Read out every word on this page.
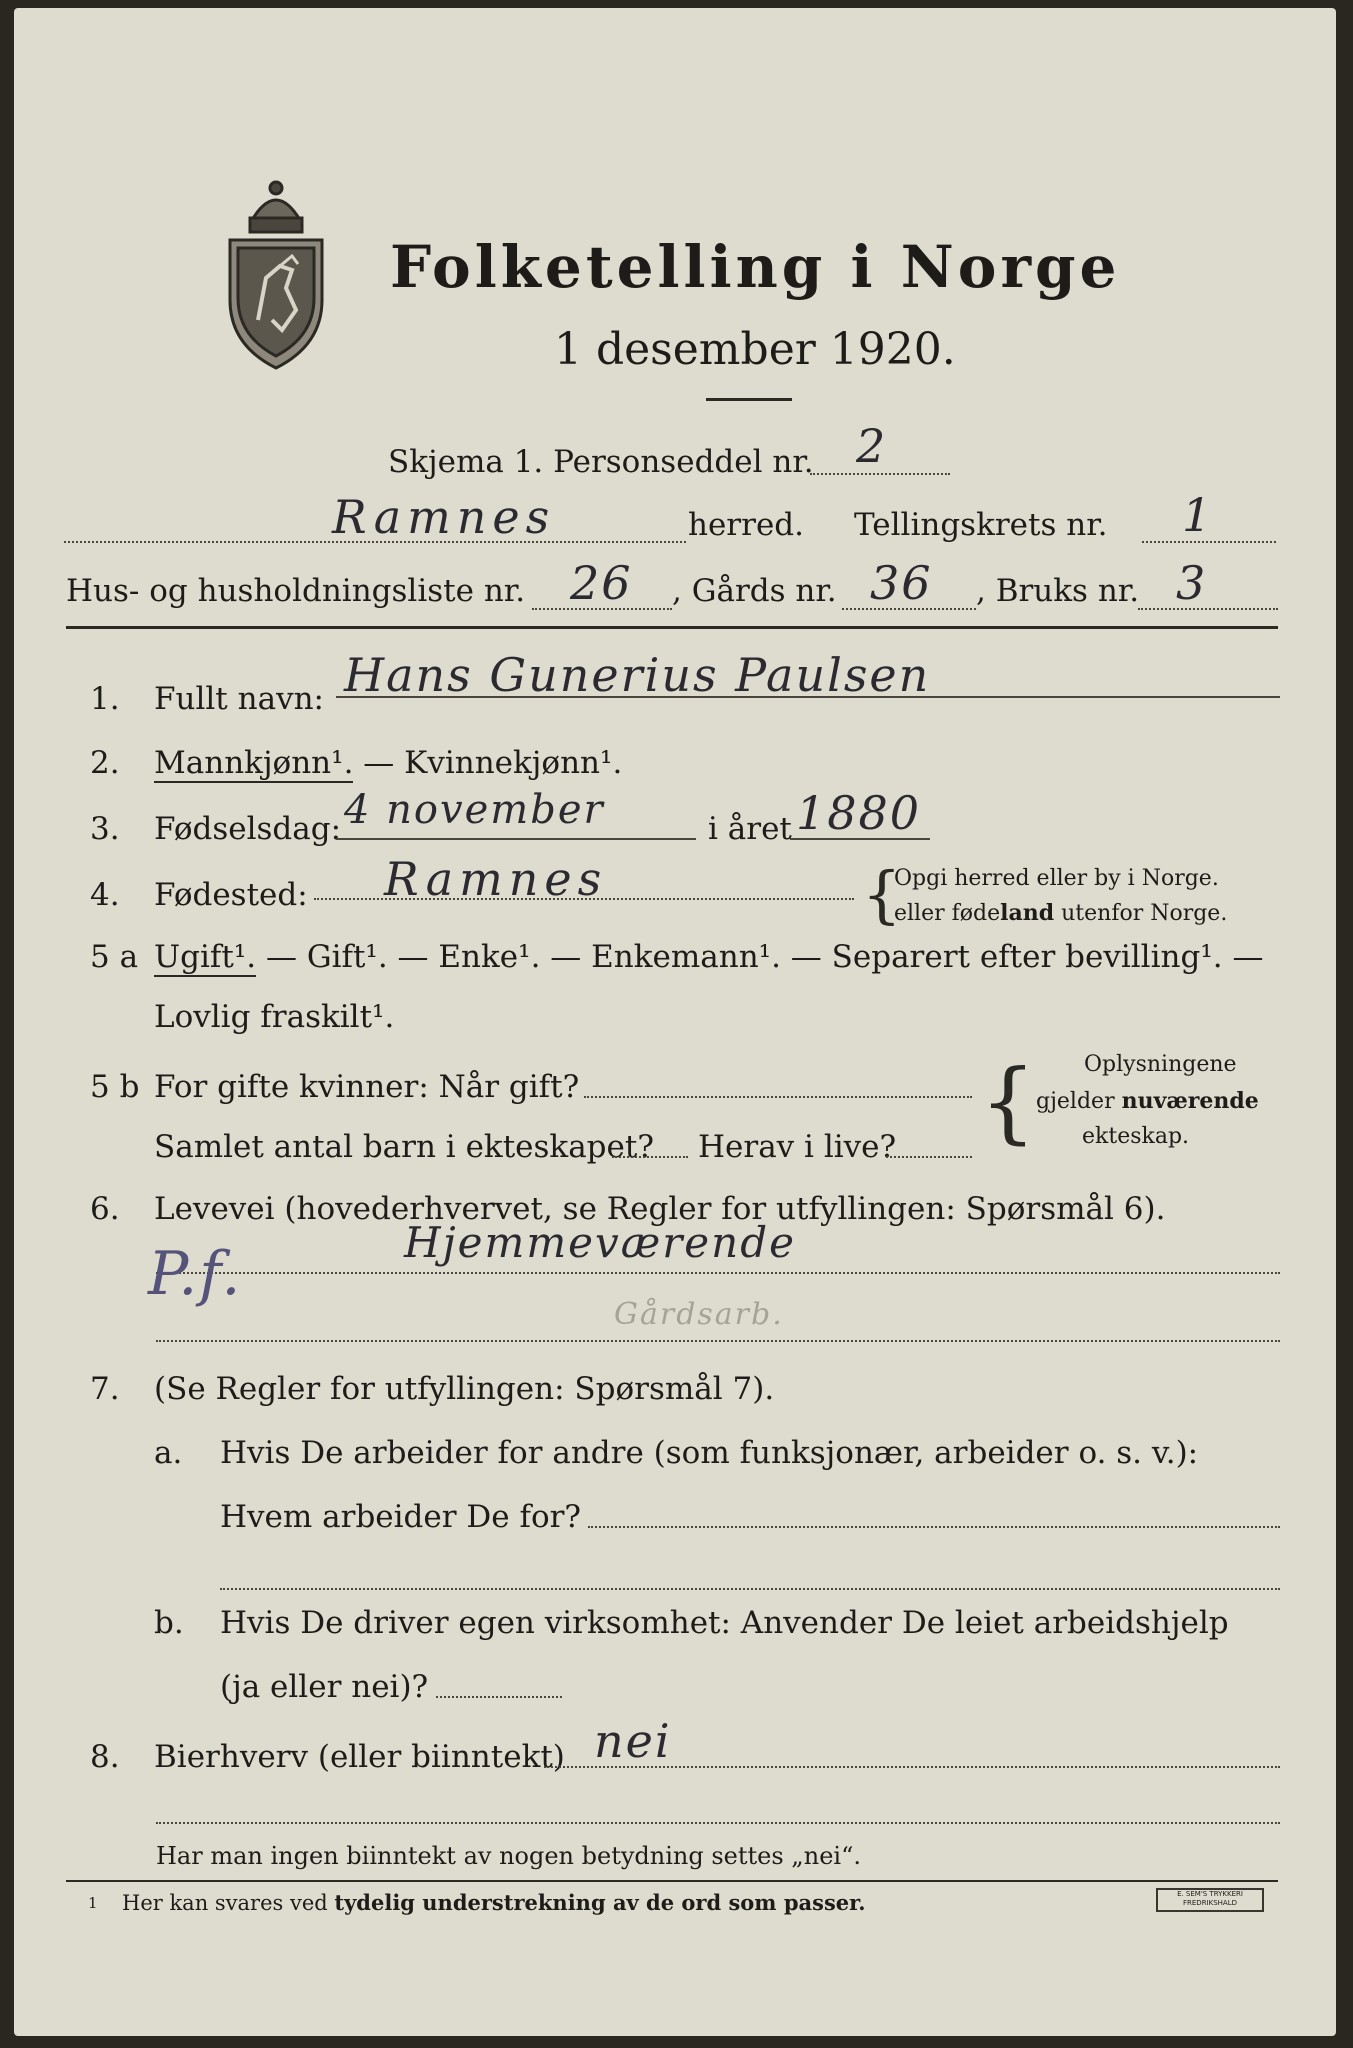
Folketelling i Norge
1 desember 1920.
Skjema 1. Personseddel nr. 2
Ramnes	herred. Tellingskrets nr. 1
Hus- og husholdningsliste nr. 26 , Gårds nr. 36 , Bruks nr. 3
1. Fullt navn: Hans Gunerius Paulsen
2. Mannkjønn¹. — Kvinnekjønn¹.
3. Fødselsdag: 4 november	i året 1880
4. Fødested: Ramnes	{
Opgi herred eller by i Norge.
eller fødeland utenfor Norge.
5 a Ugift¹. — Gift¹. — Enke¹. — Enkemann¹. — Separert efter bevilling¹. —
Lovlig fraskilt¹.
5 b For gifte kvinner: Når gift?
Samlet antal barn i ekteskapet? Herav i live? { Oplysningene
gjelder nuværende
ekteskap.
6. Levevei (hovederhvervet, se Regler for utfyllingen: Spørsmål 6).
P.f.	Hjemmeværende
Gårdsarb.
7. (Se Regler for utfyllingen: Spørsmål 7).
a. Hvis De arbeider for andre (som funksjonær, arbeider o. s. v.):
Hvem arbeider De for?
b. Hvis De driver egen virksomhet: Anvender De leiet arbeidshjelp
(ja eller nei)?
8. Bierhverv (eller biinntekt) nei
Har man ingen biinntekt av nogen betydning settes „nei“.
1 Her kan svares ved tydelig understrekning av de ord som passer.	E. SEM'S TRYKKERI
FREDRIKSHALD
